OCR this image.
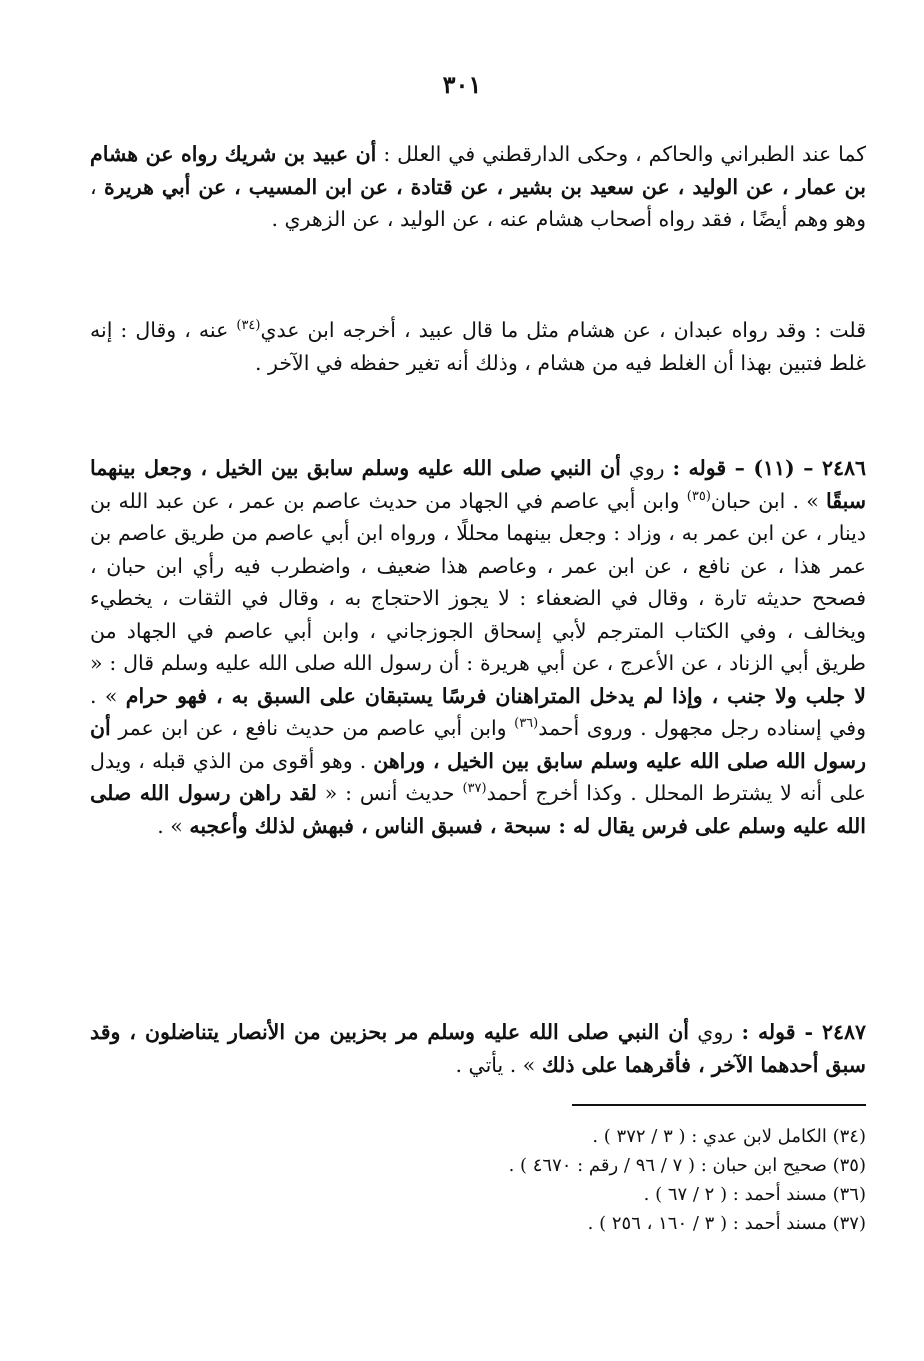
٣٠١

كما عند الطبراني والحاكم ، وحكى الدارقطني في العلل : أن عبيد بن شريك رواه عن هشام بن عمار ، عن الوليد ، عن سعيد بن بشير ، عن قتادة ، عن ابن المسيب ، عن أبي هريرة ، وهو وهم أيضًا ، فقد رواه أصحاب هشام عنه ، عن الوليد ، عن الزهري .

قلت : وقد رواه عبدان ، عن هشام مثل ما قال عبيد ، أخرجه ابن عدي$^{(٣٤)}$ عنه ، وقال : إنه غلط فتبين بهذا أن الغلط فيه من هشام ، وذلك أنه تغير حفظه في الآخر .

٢٤٨٦ – (١١) – قوله : روي أن النبي صلى الله عليه وسلم سابق بين الخيل ، وجعل بينهما سبقًا » . ابن حبان$^{(٣٥)}$ وابن أبي عاصم في الجهاد من حديث عاصم بن عمر ، عن عبد الله بن دينار ، عن ابن عمر به ، وزاد : وجعل بينهما محللًا ، ورواه ابن أبي عاصم من طريق عاصم بن عمر هذا ، عن نافع ، عن ابن عمر ، وعاصم هذا ضعيف ، واضطرب فيه رأي ابن حبان ، فصحح حديثه تارة ، وقال في الضعفاء : لا يجوز الاحتجاج به ، وقال في الثقات ، يخطيء ويخالف ، وفي الكتاب المترجم لأبي إسحاق الجوزجاني ، وابن أبي عاصم في الجهاد من طريق أبي الزناد ، عن الأعرج ، عن أبي هريرة : أن رسول الله صلى الله عليه وسلم قال : « لا جلب ولا جنب ، وإذا لم يدخل المتراهنان فرسًا يستبقان على السبق به ، فهو حرام » . وفي إسناده رجل مجهول . وروى أحمد$^{(٣٦)}$ وابن أبي عاصم من حديث نافع ، عن ابن عمر أن رسول الله صلى الله عليه وسلم سابق بين الخيل ، وراهن . وهو أقوى من الذي قبله ، ويدل على أنه لا يشترط المحلل . وكذا أخرج أحمد$^{(٣٧)}$ حديث أنس : « لقد راهن رسول الله صلى الله عليه وسلم على فرس يقال له : سبحة ، فسبق الناس ، فبهش لذلك وأعجبه » .

٢٤٨٧ - قوله : روي أن النبي صلى الله عليه وسلم مر بحزبين من الأنصار يتناضلون ، وقد سبق أحدهما الآخر ، فأقرهما على ذلك » . يأتي .

(٣٤) الكامل لابن عدي : ( ٣ / ٣٧٢ ) .
(٣٥) صحيح ابن حبان : ( ٧ / ٩٦ / رقم : ٤٦٧٠ ) .
(٣٦) مسند أحمد : ( ٢ / ٦٧ ) .
(٣٧) مسند أحمد : ( ٣ / ١٦٠ ، ٢٥٦ ) .
